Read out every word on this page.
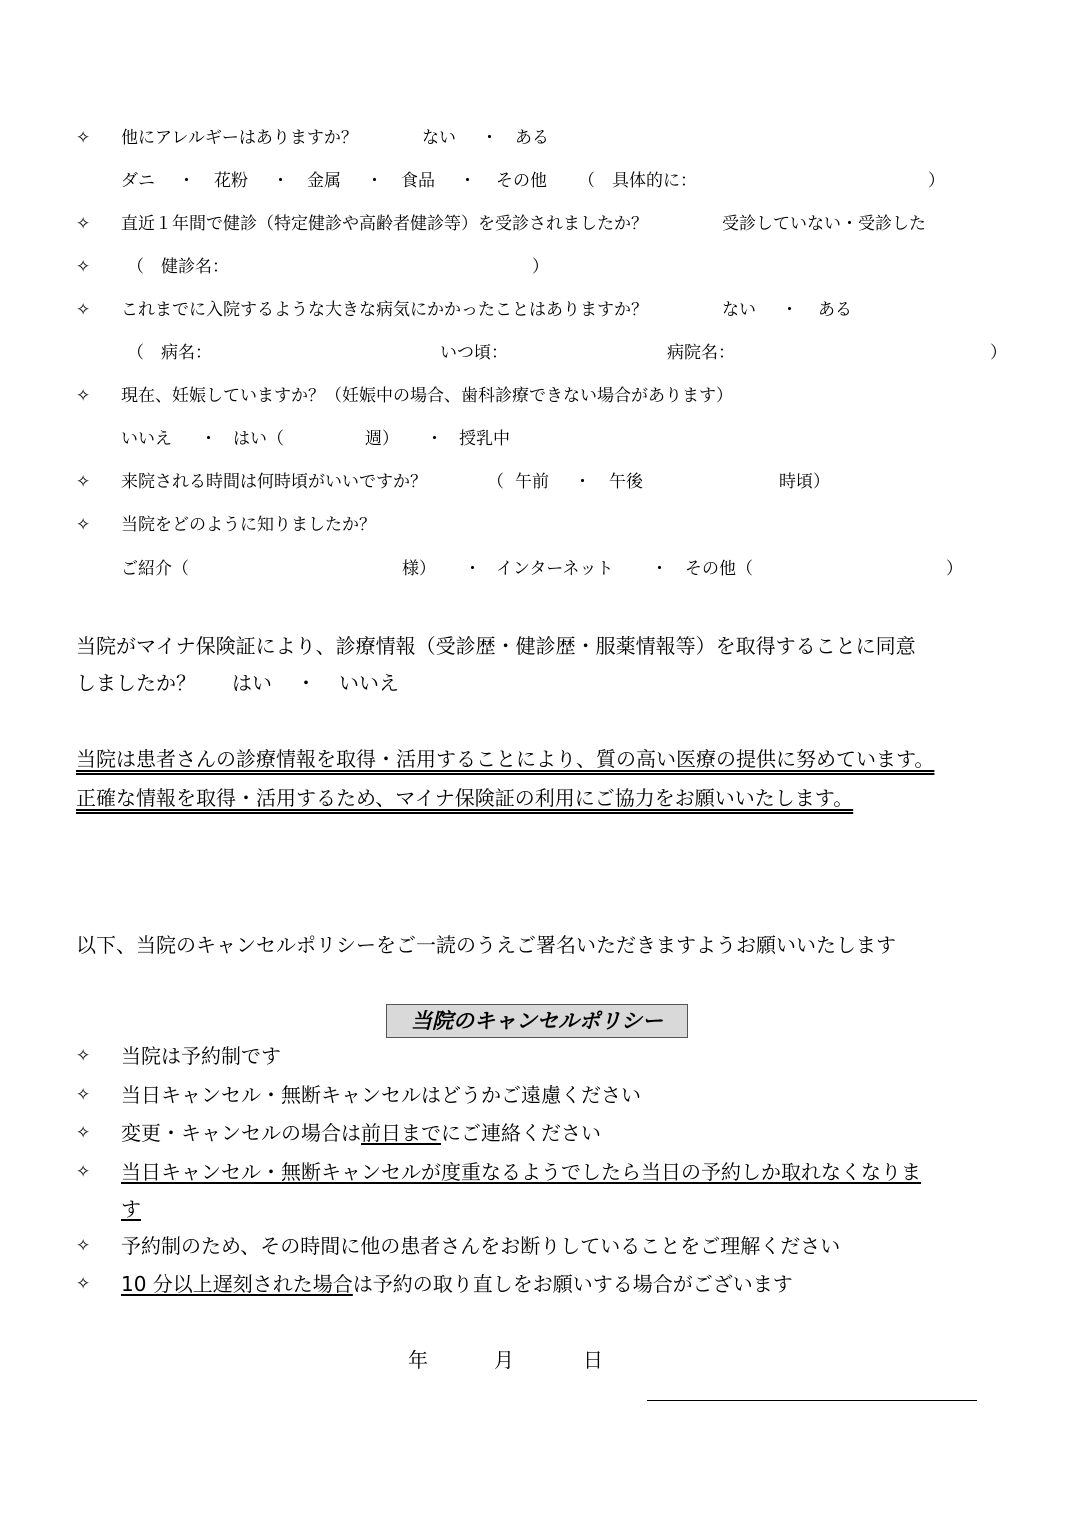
✧ 他にアレルギーはありますか？	ない ・ ある
ダニ ・ 花粉 ・ 金属 ・ 食品 ・ その他 （　具体的に：	）
✧ 直近１年間で健診（特定健診や高齢者健診等）を受診されましたか？	受診していない・受診した
✧ （　健診名：	）
✧ これまでに入院するような大きな病気にかかったことはありますか？	ない ・ ある
（　病名：	いつ頃：	病院名：	）
✧ 現在、妊娠していますか？（妊娠中の場合、歯科診療できない場合があります）
いいえ ・ はい（	週） ・ 授乳中
✧ 来院される時間は何時頃がいいですか？	（ 午前 ・ 午後	時頃）
✧ 当院をどのように知りましたか？
ご紹介（	様） ・ インターネット ・ その他（	）
当院がマイナ保険証により、診療情報（受診歴・健診歴・服薬情報等）を取得することに同意
しましたか？ はい ・ いいえ
当院は患者さんの診療情報を取得・活用することにより、質の高い医療の提供に努めています。
正確な情報を取得・活用するため、マイナ保険証の利用にご協力をお願いいたします。
以下、当院のキャンセルポリシーをご一読のうえご署名いただきますようお願いいたします
当院のキャンセルポリシー
✧ 当院は予約制です
✧ 当日キャンセル・無断キャンセルはどうかご遠慮ください
✧ 変更・キャンセルの場合は前日までにご連絡ください
✧ 当日キャンセル・無断キャンセルが度重なるようでしたら当日の予約しか取れなくなりま
す
✧ 予約制のため、その時間に他の患者さんをお断りしていることをご理解ください
✧ 10 分以上遅刻された場合は予約の取り直しをお願いする場合がございます
年	月	日
